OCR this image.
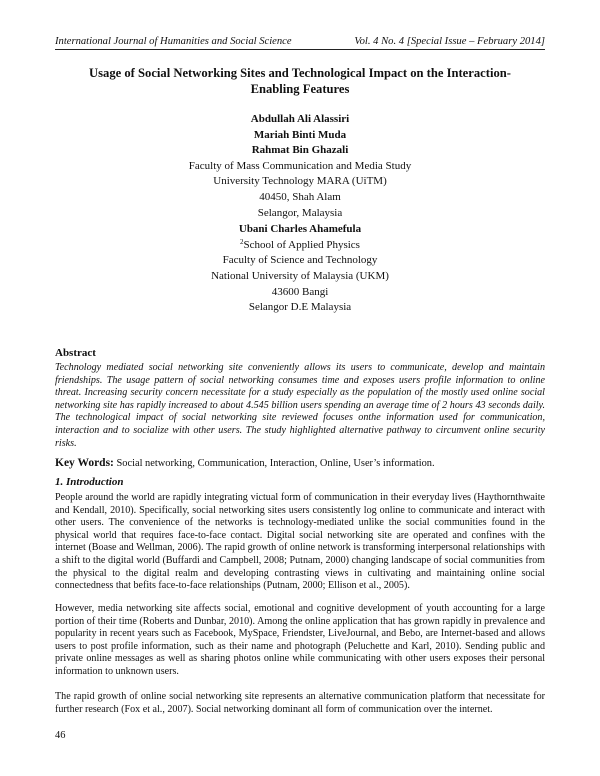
International Journal of Humanities and Social Science	Vol. 4 No. 4 [Special Issue – February 2014]
Usage of Social Networking Sites and Technological Impact on the Interaction-Enabling Features
Abdullah Ali Alassiri
Mariah Binti Muda
Rahmat Bin Ghazali
Faculty of Mass Communication and Media Study
University Technology MARA (UiTM)
40450, Shah Alam
Selangor, Malaysia
Ubani Charles Ahamefula
$^2$School of Applied Physics
Faculty of Science and Technology
National University of Malaysia (UKM)
43600 Bangi
Selangor D.E Malaysia
Abstract
Technology mediated social networking site conveniently allows its users to communicate, develop and maintain friendships. The usage pattern of social networking consumes time and exposes users profile information to online threat. Increasing security concern necessitate for a study especially as the population of the mostly used online social networking site has rapidly increased to about 4.545 billion users spending an average time of 2 hours 43 seconds daily. The technological impact of social networking site reviewed focuses onthe information used for communication, interaction and to socialize with other users. The study highlighted alternative pathway to circumvent online security risks.
Key Words: Social networking, Communication, Interaction, Online, User’s information.
1. Introduction
People around the world are rapidly integrating victual form of communication in their everyday lives (Haythornthwaite and Kendall, 2010). Specifically, social networking sites users consistently log online to communicate and interact with other users. The convenience of the networks is technology-mediated unlike the social communities found in the physical world that requires face-to-face contact. Digital social networking site are operated and confines with the internet (Boase and Wellman, 2006). The rapid growth of online network is transforming interpersonal relationships with a shift to the digital world (Buffardi and Campbell, 2008; Putnam, 2000) changing landscape of social communities from the physical to the digital realm and developing contrasting views in cultivating and maintaining online social connectedness that befits face-to-face relationships (Putnam, 2000; Ellison et al., 2005).
However, media networking site affects social, emotional and cognitive development of youth accounting for a large portion of their time (Roberts and Dunbar, 2010). Among the online application that has grown rapidly in prevalence and popularity in recent years such as Facebook, MySpace, Friendster, LiveJournal, and Bebo, are Internet-based and allows users to post profile information, such as their name and photograph (Peluchette and Karl, 2010). Sending public and private online messages as well as sharing photos online while communicating with other users exposes their personal information to unknown users.
The rapid growth of online social networking site represents an alternative communication platform that necessitate for further research (Fox et al., 2007). Social networking dominant all form of communication over the internet.
46
